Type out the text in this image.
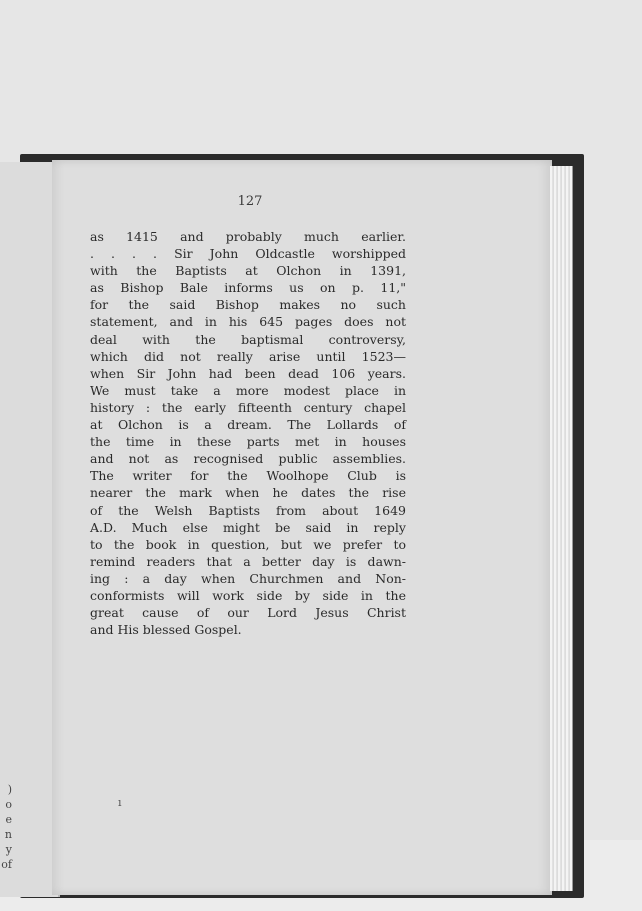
)
o
e
n
y
of
127
as 1415 and probably much earlier.
. . . . Sir John Oldcastle worshipped
with the Baptists at Olchon in 1391,
as Bishop Bale informs us on p. 11,"
for the said Bishop makes no such
statement, and in his 645 pages does not
deal with the baptismal controversy,
which did not really arise until 1523—
when Sir John had been dead 106 years.
We must take a more modest place in
history : the early fifteenth century chapel
at Olchon is a dream. The Lollards of
the time in these parts met in houses
and not as recognised public assemblies.
The writer for the Woolhope Club is
nearer the mark when he dates the rise
of the Welsh Baptists from about 1649
A.D. Much else might be said in reply
to the book in question, but we prefer to
remind readers that a better day is dawn-
ing : a day when Churchmen and Non-
conformists will work side by side in the
great cause of our Lord Jesus Christ
and His blessed Gospel.
ı
